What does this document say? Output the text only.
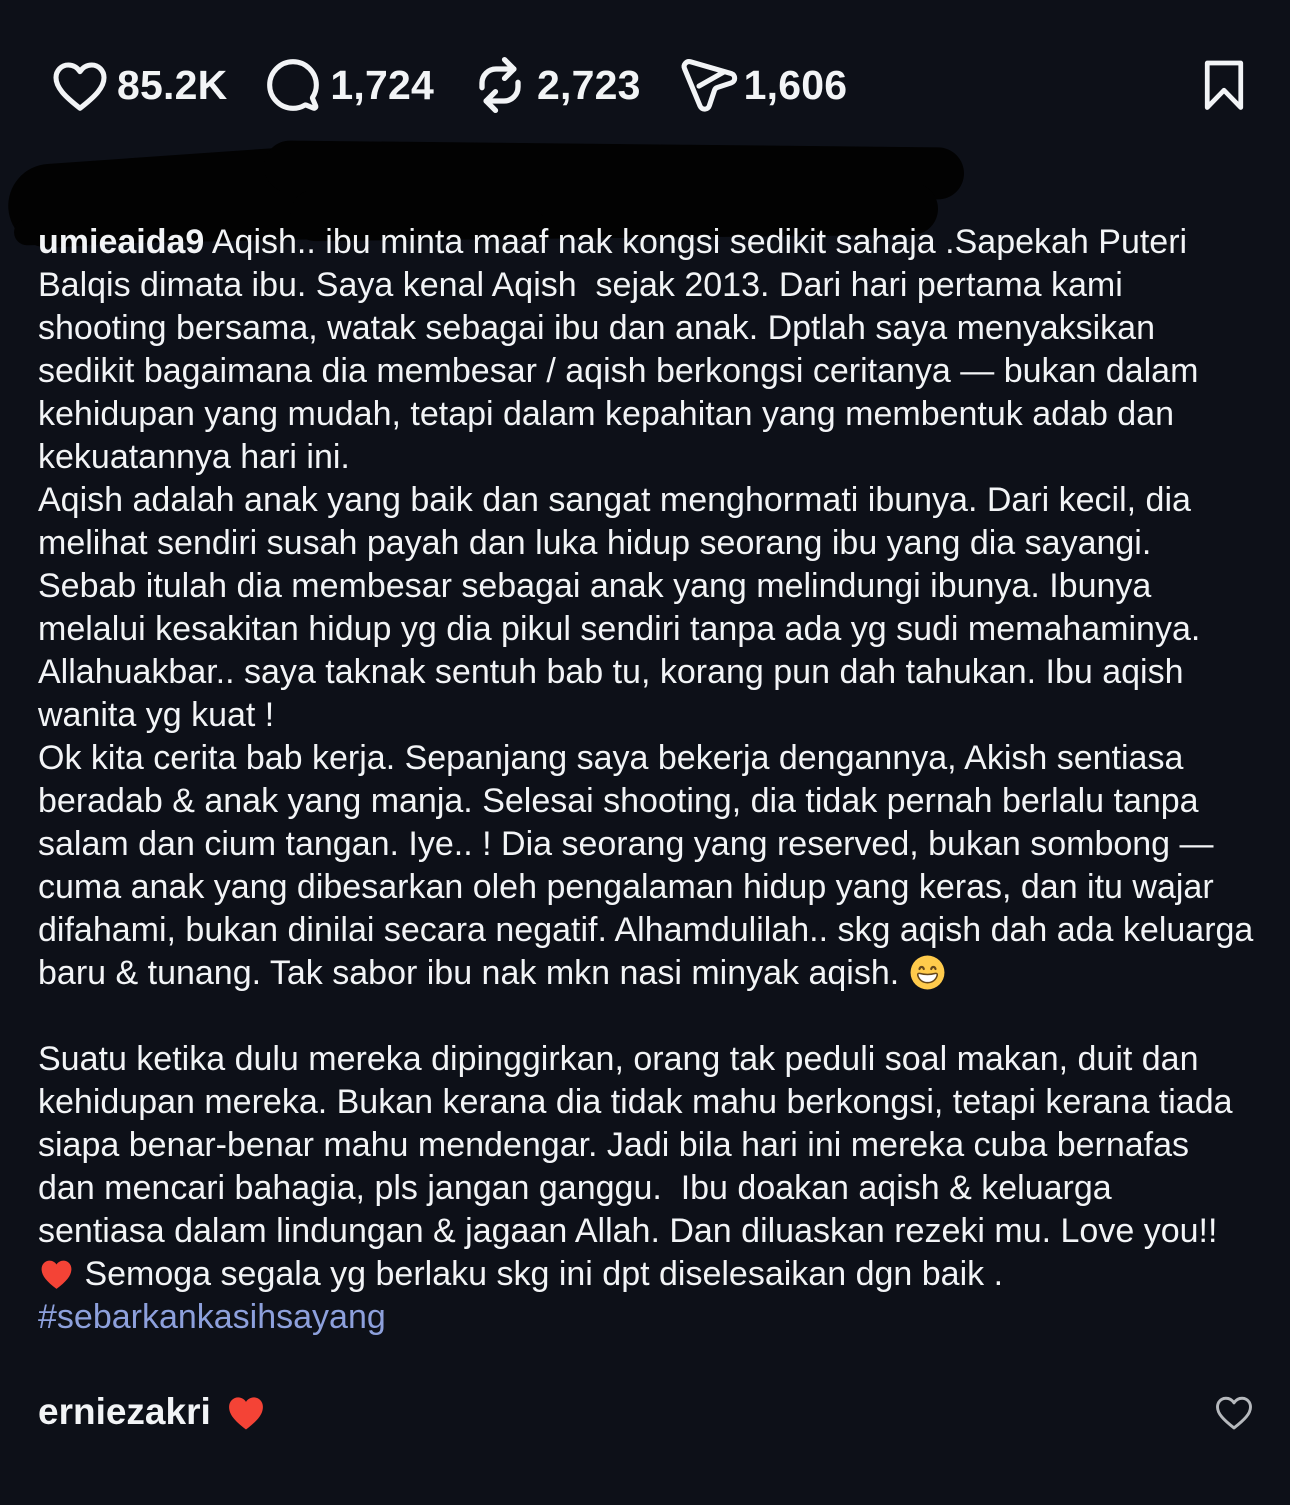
85.2K	1,724	2,723	1,606
umieaida9 Aqish.. ibu minta maaf nak kongsi sedikit sahaja .Sapekah Puteri Balqis dimata ibu. Saya kenal Aqish  sejak 2013. Dari hari pertama kami shooting bersama, watak sebagai ibu dan anak. Dptlah saya menyaksikan sedikit bagaimana dia membesar / aqish berkongsi ceritanya — bukan dalam kehidupan yang mudah, tetapi dalam kepahitan yang membentuk adab dan kekuatannya hari ini.
Aqish adalah anak yang baik dan sangat menghormati ibunya. Dari kecil, dia melihat sendiri susah payah dan luka hidup seorang ibu yang dia sayangi. Sebab itulah dia membesar sebagai anak yang melindungi ibunya. Ibunya melalui kesakitan hidup yg dia pikul sendiri tanpa ada yg sudi memahaminya. Allahuakbar.. saya taknak sentuh bab tu, korang pun dah tahukan. Ibu aqish wanita yg kuat !
Ok kita cerita bab kerja. Sepanjang saya bekerja dengannya, Akish sentiasa beradab & anak yang manja. Selesai shooting, dia tidak pernah berlalu tanpa salam dan cium tangan. Iye.. ! Dia seorang yang reserved, bukan sombong — cuma anak yang dibesarkan oleh pengalaman hidup yang keras, dan itu wajar difahami, bukan dinilai secara negatif. Alhamdulilah.. skg aqish dah ada keluarga baru & tunang. Tak sabor ibu nak mkn nasi minyak aqish.
Suatu ketika dulu mereka dipinggirkan, orang tak peduli soal makan, duit dan kehidupan mereka. Bukan kerana dia tidak mahu berkongsi, tetapi kerana tiada siapa benar-benar mahu mendengar. Jadi bila hari ini mereka cuba bernafas dan mencari bahagia, pls jangan ganggu.  Ibu doakan aqish & keluarga  sentiasa dalam lindungan & jagaan Allah. Dan diluaskan rezeki mu. Love you!!  Semoga segala yg berlaku skg ini dpt diselesaikan dgn baik . #sebarkankasihsayang
erniezakri
